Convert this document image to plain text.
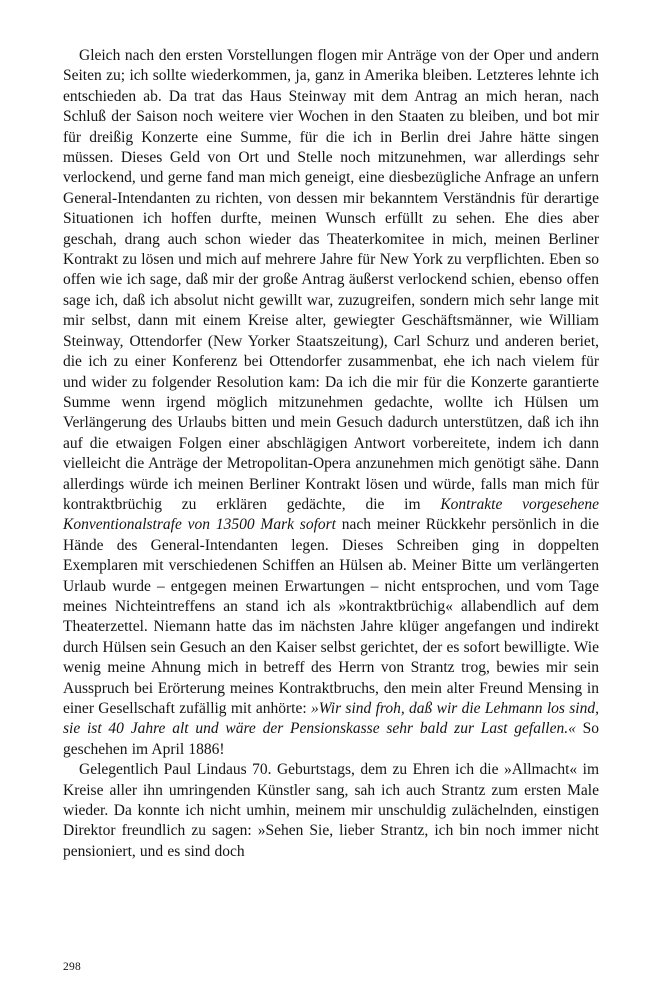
Gleich nach den ersten Vorstellungen flogen mir Anträge von der Oper und andern Seiten zu; ich sollte wiederkommen, ja, ganz in Amerika bleiben. Letzteres lehnte ich entschieden ab. Da trat das Haus Steinway mit dem Antrag an mich heran, nach Schluß der Saison noch weitere vier Wochen in den Staaten zu bleiben, und bot mir für dreißig Konzerte eine Summe, für die ich in Berlin drei Jahre hätte singen müssen. Dieses Geld von Ort und Stelle noch mitzunehmen, war allerdings sehr verlockend, und gerne fand man mich geneigt, eine diesbezügliche Anfrage an unfern General-Intendanten zu richten, von dessen mir bekanntem Verständnis für derartige Situationen ich hoffen durfte, meinen Wunsch erfüllt zu sehen. Ehe dies aber geschah, drang auch schon wieder das Theaterkomitee in mich, meinen Berliner Kontrakt zu lösen und mich auf mehrere Jahre für New York zu verpflichten. Eben so offen wie ich sage, daß mir der große Antrag äußerst verlockend schien, ebenso offen sage ich, daß ich absolut nicht gewillt war, zuzugreifen, sondern mich sehr lange mit mir selbst, dann mit einem Kreise alter, gewiegter Geschäftsmänner, wie William Steinway, Ottendorfer (New Yorker Staatszeitung), Carl Schurz und anderen beriet, die ich zu einer Konferenz bei Ottendorfer zusammenbat, ehe ich nach vielem für und wider zu folgender Resolution kam: Da ich die mir für die Konzerte garantierte Summe wenn irgend möglich mitzunehmen gedachte, wollte ich Hülsen um Verlängerung des Urlaubs bitten und mein Gesuch dadurch unterstützen, daß ich ihn auf die etwaigen Folgen einer abschlägigen Antwort vorbereitete, indem ich dann vielleicht die Anträge der Metropolitan-Opera anzunehmen mich genötigt sähe. Dann allerdings würde ich meinen Berliner Kontrakt lösen und würde, falls man mich für kontraktbrüchig zu erklären gedächte, die im Kontrakte vorgesehene Konventionalstrafe von 13500 Mark sofort nach meiner Rückkehr persönlich in die Hände des General-Intendanten legen. Dieses Schreiben ging in doppelten Exemplaren mit verschiedenen Schiffen an Hülsen ab. Meiner Bitte um verlängerten Urlaub wurde – entgegen meinen Erwartungen – nicht entsprochen, und vom Tage meines Nichteintreffens an stand ich als »kontraktbrüchig« allabendlich auf dem Theaterzettel. Niemann hatte das im nächsten Jahre klüger angefangen und indirekt durch Hülsen sein Gesuch an den Kaiser selbst gerichtet, der es sofort bewilligte. Wie wenig meine Ahnung mich in betreff des Herrn von Strantz trog, bewies mir sein Ausspruch bei Erörterung meines Kontraktbruchs, den mein alter Freund Mensing in einer Gesellschaft zufällig mit anhörte: »Wir sind froh, daß wir die Lehmann los sind, sie ist 40 Jahre alt und wäre der Pensionskasse sehr bald zur Last gefallen.« So geschehen im April 1886!

Gelegentlich Paul Lindaus 70. Geburtstags, dem zu Ehren ich die »Allmacht« im Kreise aller ihn umringenden Künstler sang, sah ich auch Strantz zum ersten Male wieder. Da konnte ich nicht umhin, meinem mir unschuldig zulächelnden, einstigen Direktor freundlich zu sagen: »Sehen Sie, lieber Strantz, ich bin noch immer nicht pensioniert, und es sind doch

298
